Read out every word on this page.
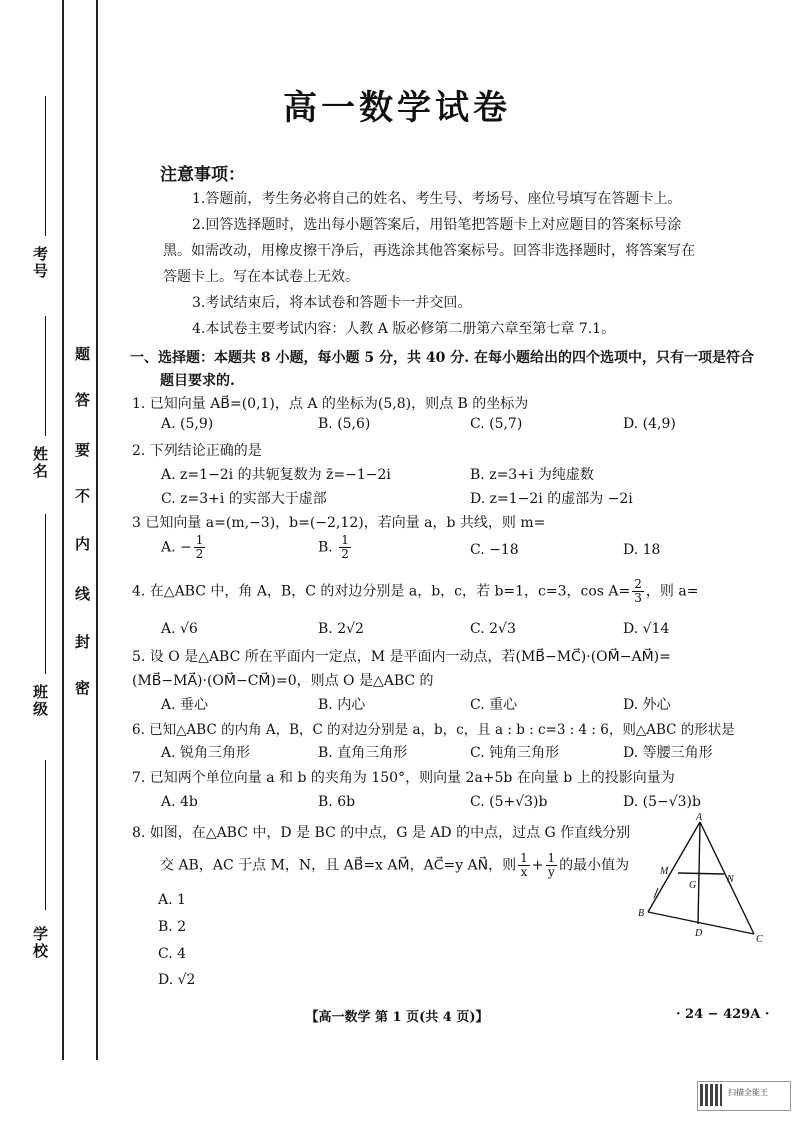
考号
姓名
班级
学校
题
答
要
不
内
线
封
密
高一数学试卷
注意事项：
1.答题前，考生务必将自己的姓名、考生号、考场号、座位号填写在答题卡上。
2.回答选择题时，选出每小题答案后，用铅笔把答题卡上对应题目的答案标号涂
黑。如需改动，用橡皮擦干净后，再选涂其他答案标号。回答非选择题时，将答案写在
答题卡上。写在本试卷上无效。
3.考试结束后，将本试卷和答题卡一并交回。
4.本试卷主要考试内容：人教 A 版必修第二册第六章至第七章 7.1。
一、选择题：本题共 8 小题，每小题 5 分，共 40 分. 在每小题给出的四个选项中，只有一项是符合
题目要求的.
1. 已知向量 AB⃗=(0,1)，点 A 的坐标为(5,8)，则点 B 的坐标为
A. (5,9)	B. (5,6)	C. (5,7)	D. (4,9)
2. 下列结论正确的是
A. z=1−2i 的共轭复数为 z̄=−1−2i	B. z=3+i 为纯虚数
C. z=3+i 的实部大于虚部	D. z=1−2i 的虚部为 −2i
3 已知向量 a=(m,−3)，b=(−2,12)，若向量 a，b 共线，则 m=
A. − $\frac{1}{2}$	B. $\frac{1}{2}$	C. −18	D. 18
4. 在△ABC 中，角 A，B，C 的对边分别是 a，b，c，若 b=1，c=3，$\cos A= \frac{2}{3}$ ，则 a=
A. √6	B. 2√2	C. 2√3	D. √14
5. 设 O 是△ABC 所在平面内一定点，M 是平面内一动点，若(MB⃗−MC⃗)·(OM⃗−AM⃗)=
(MB⃗−MA⃗)·(OM⃗−CM⃗)=0，则点 O 是△ABC 的
A. 垂心	B. 内心	C. 重心	D. 外心
6. 已知△ABC 的内角 A，B，C 的对边分别是 a，b，c，且 a : b : c=3 : 4 : 6，则△ABC 的形状是
A. 锐角三角形	B. 直角三角形	C. 钝角三角形	D. 等腰三角形
7. 已知两个单位向量 a 和 b 的夹角为 150°，则向量 2a+5b 在向量 b 上的投影向量为
A. 4b	B. 6b	C. (5+√3)b	D. (5−√3)b
8. 如图，在△ABC 中，D 是 BC 的中点，G 是 AD 的中点，过点 G 作直线分别
交 AB，AC 于点 M，N，且 AB⃗=x AM⃗，AC⃗=y AN⃗，则 $\frac{1}{x} + \frac{1}{y}$ 的最小值为
A. 1
B. 2
C. 4
D. √2
A
M
N
G
B
D
C
【高一数学 第 1 页(共 4 页)】	· 24 − 429A ·
扫描全能王
